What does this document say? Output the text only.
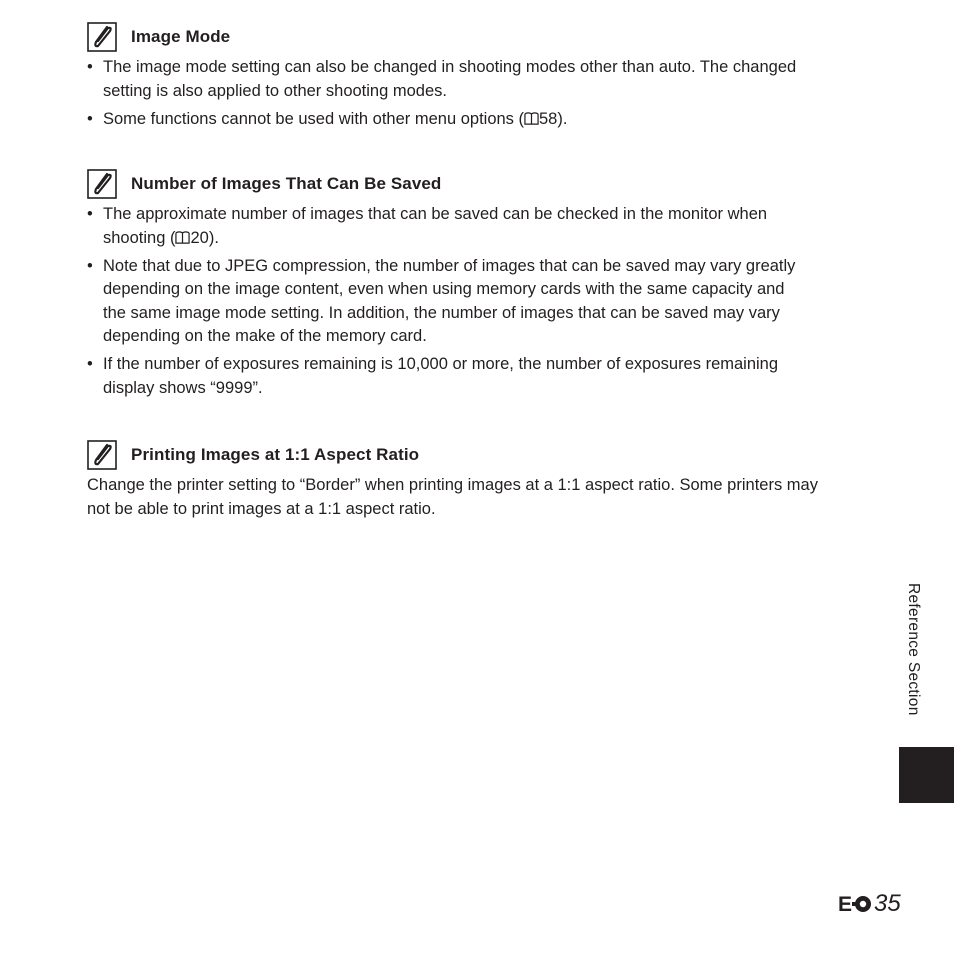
Image Mode
• The image mode setting can also be changed in shooting modes other than auto. The changed
setting is also applied to other shooting modes.
• Some functions cannot be used with other menu options ( 58).
Number of Images That Can Be Saved
• The approximate number of images that can be saved can be checked in the monitor when
shooting ( 20).
• Note that due to JPEG compression, the number of images that can be saved may vary greatly
depending on the image content, even when using memory cards with the same capacity and
the same image mode setting. In addition, the number of images that can be saved may vary
depending on the make of the memory card.
• If the number of exposures remaining is 10,000 or more, the number of exposures remaining
display shows “9999”.
Printing Images at 1:1 Aspect Ratio
Change the printer setting to “Border” when printing images at a 1:1 aspect ratio. Some printers may
not be able to print images at a 1:1 aspect ratio.
Reference Section
E 35
